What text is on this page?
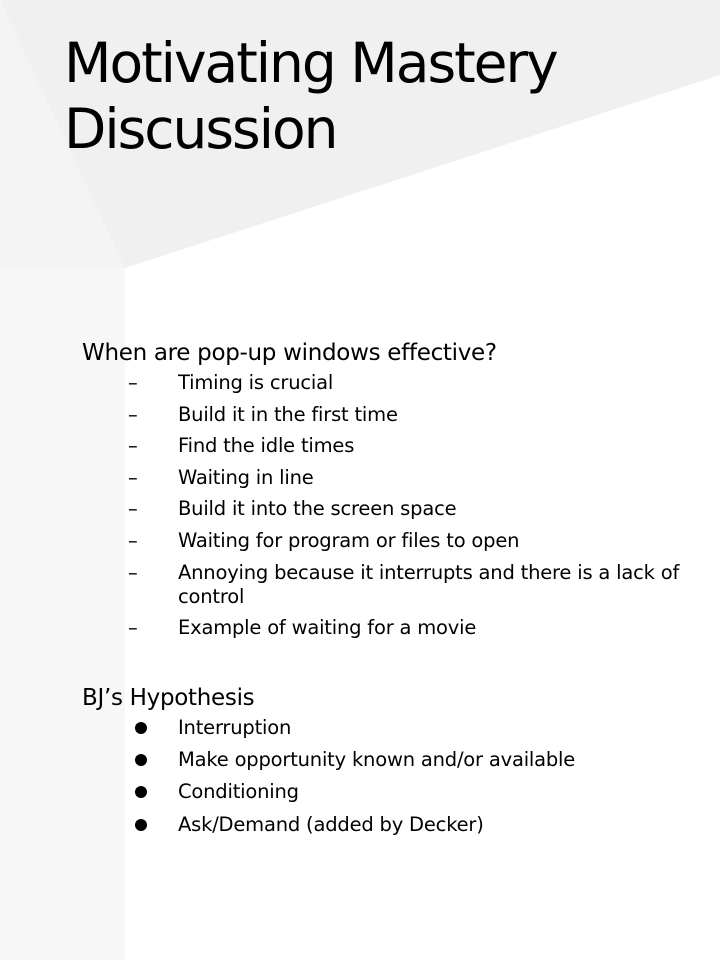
Motivating Mastery Discussion

When are pop-up windows effective?

– Timing is crucial
– Build it in the first time
– Find the idle times
– Waiting in line
– Build it into the screen space
– Waiting for program or files to open
– Annoying because it interrupts and there is a lack of control
– Example of waiting for a movie

BJ’s Hypothesis

Interruption
Make opportunity known and/or available
Conditioning
Ask/Demand (added by Decker)
